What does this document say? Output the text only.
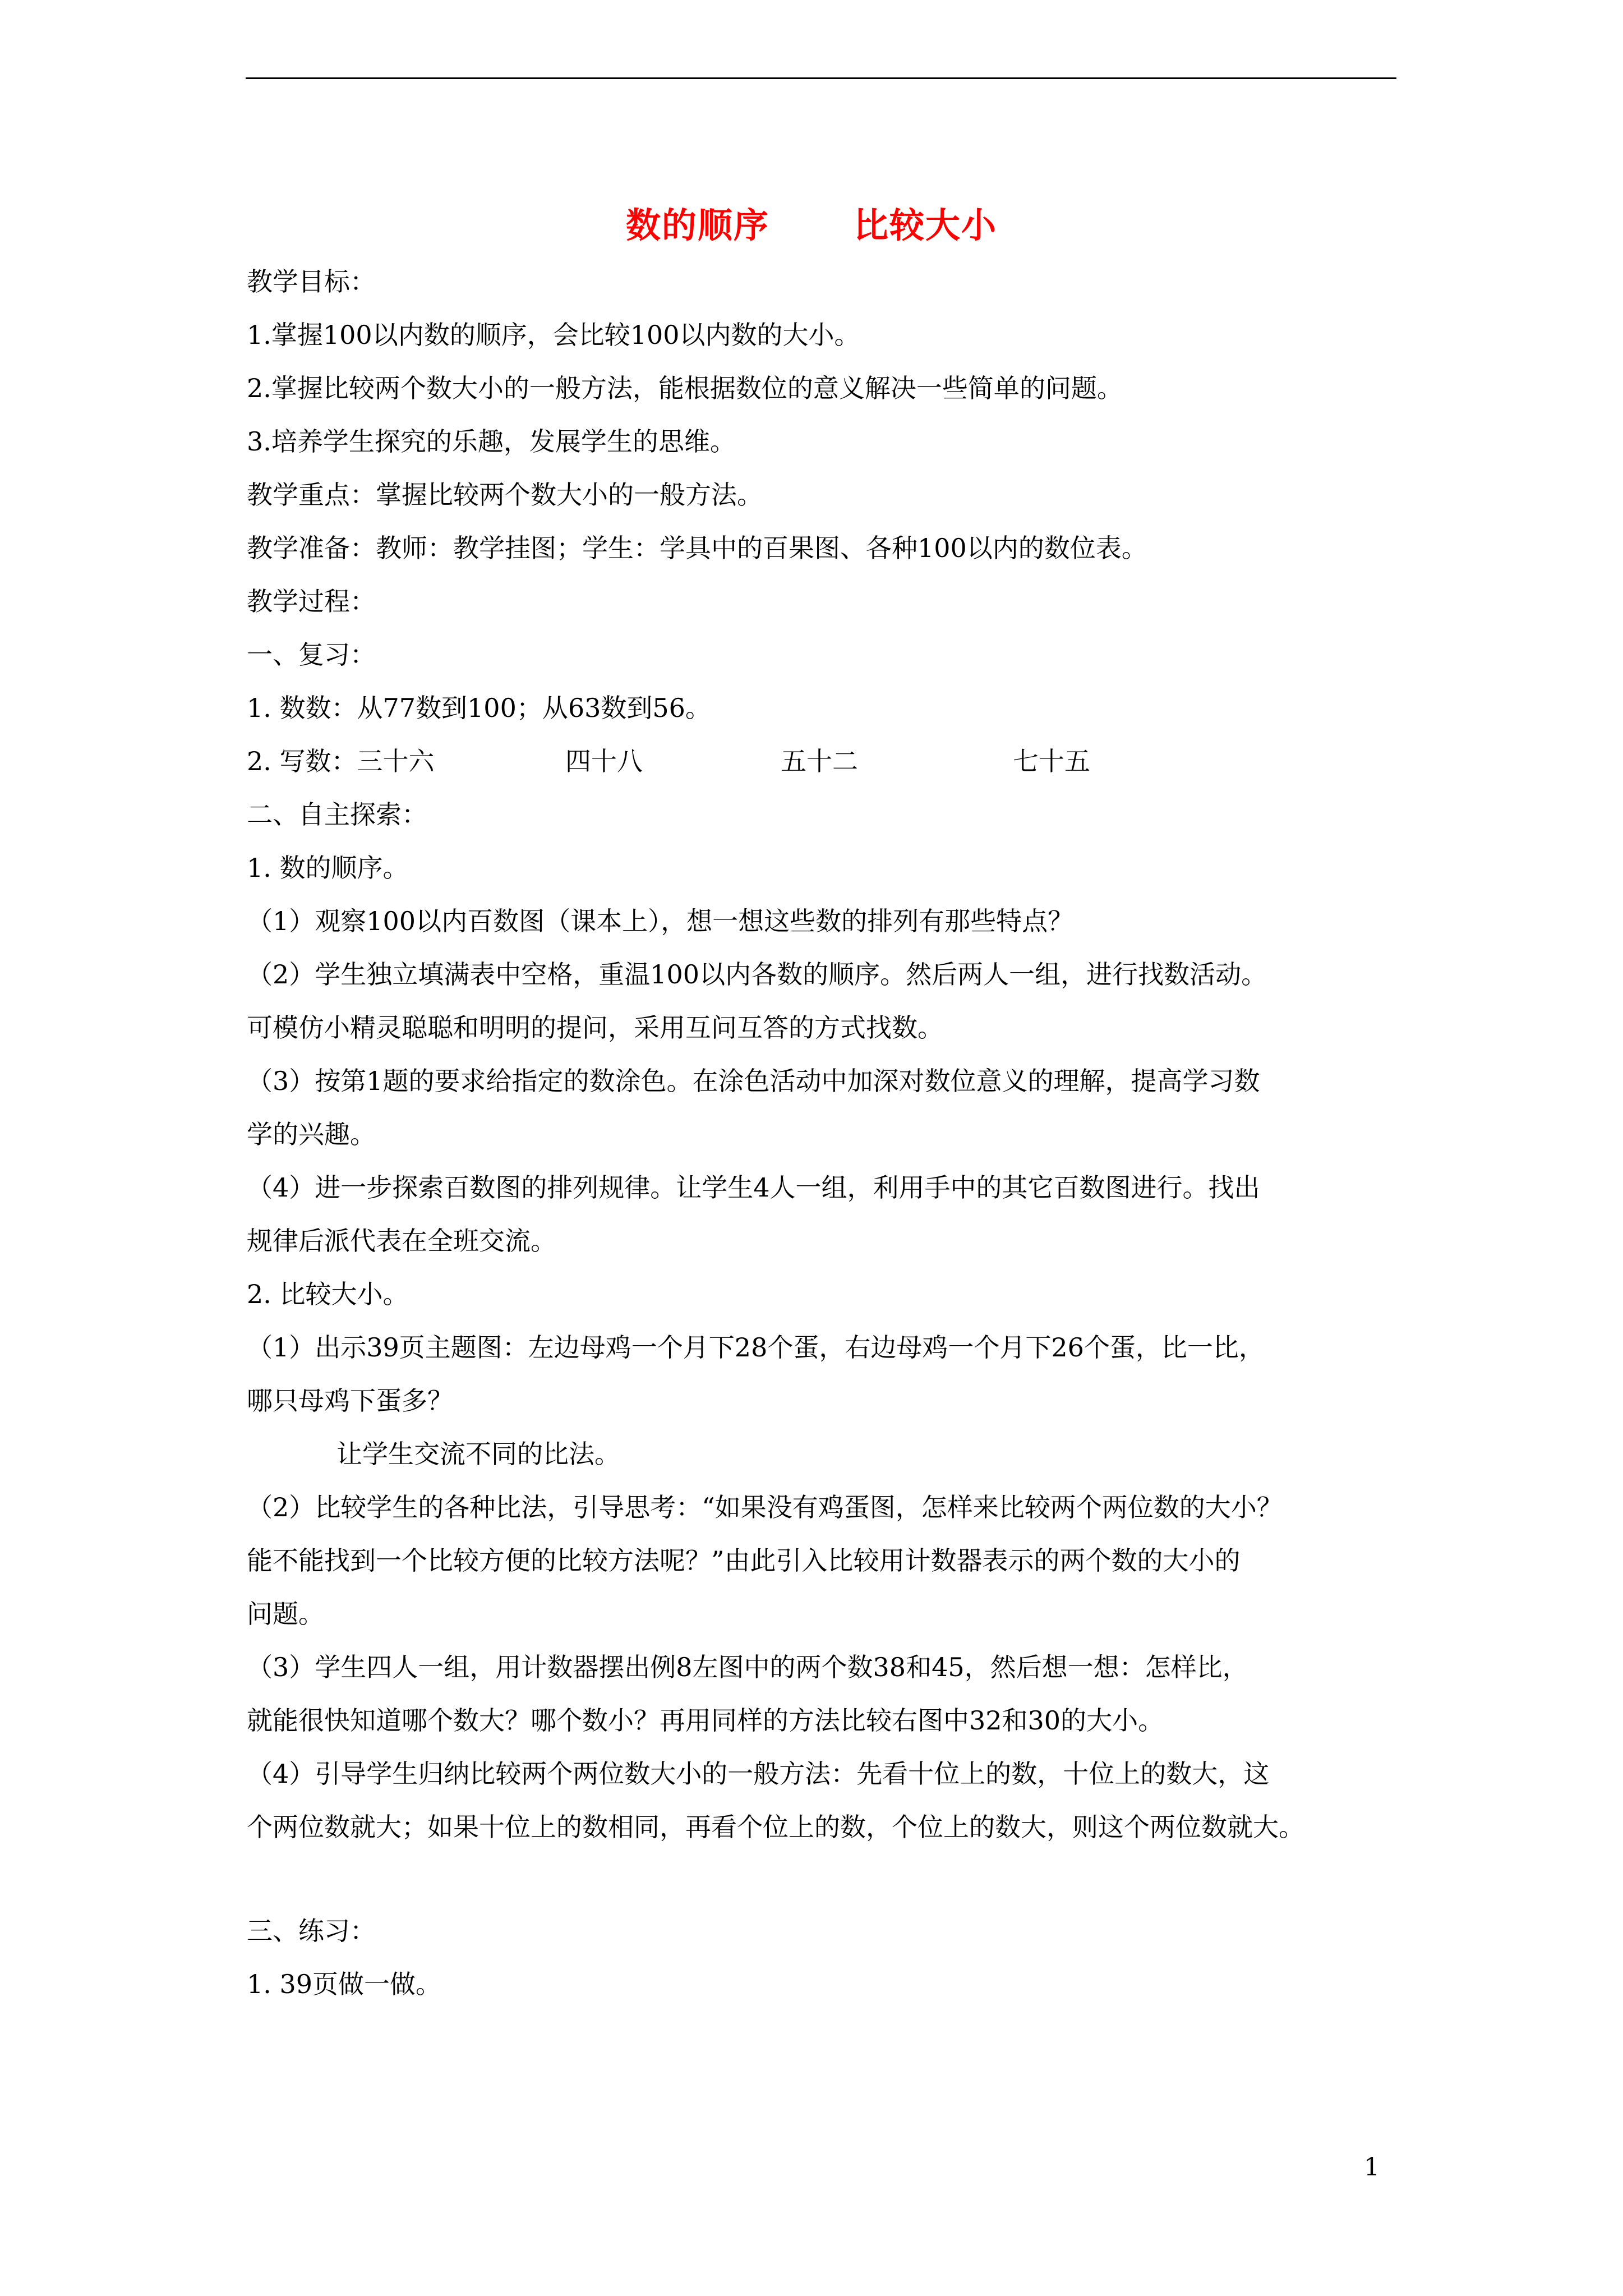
数的顺序 比较大小
教学目标：
1.掌握100以内数的顺序，会比较100以内数的大小。
2.掌握比较两个数大小的一般方法，能根据数位的意义解决一些简单的问题。
3.培养学生探究的乐趣，发展学生的思维。
教学重点：掌握比较两个数大小的一般方法。
教学准备：教师：教学挂图；学生：学具中的百果图、各种100以内的数位表。
教学过程：
一、复习：
1. 数数：从77数到100；从63数到56。
2. 写数：三十六	四十八	五十二	七十五
二、自主探索：
1. 数的顺序。
（1）观察100以内百数图（课本上），想一想这些数的排列有那些特点？
（2）学生独立填满表中空格，重温100以内各数的顺序。然后两人一组，进行找数活动。
可模仿小精灵聪聪和明明的提问，采用互问互答的方式找数。
（3）按第1题的要求给指定的数涂色。在涂色活动中加深对数位意义的理解，提高学习数
学的兴趣。
（4）进一步探索百数图的排列规律。让学生4人一组，利用手中的其它百数图进行。找出
规律后派代表在全班交流。
2. 比较大小。
（1）出示39页主题图：左边母鸡一个月下28个蛋，右边母鸡一个月下26个蛋，比一比，
哪只母鸡下蛋多？
让学生交流不同的比法。
（2）比较学生的各种比法，引导思考：“如果没有鸡蛋图，怎样来比较两个两位数的大小？
能不能找到一个比较方便的比较方法呢？”由此引入比较用计数器表示的两个数的大小的
问题。
（3）学生四人一组，用计数器摆出例8左图中的两个数38和45，然后想一想：怎样比，
就能很快知道哪个数大？哪个数小？再用同样的方法比较右图中32和30的大小。
（4）引导学生归纳比较两个两位数大小的一般方法：先看十位上的数，十位上的数大，这
个两位数就大；如果十位上的数相同，再看个位上的数，个位上的数大，则这个两位数就大。
三、练习：
1. 39页做一做。
1
